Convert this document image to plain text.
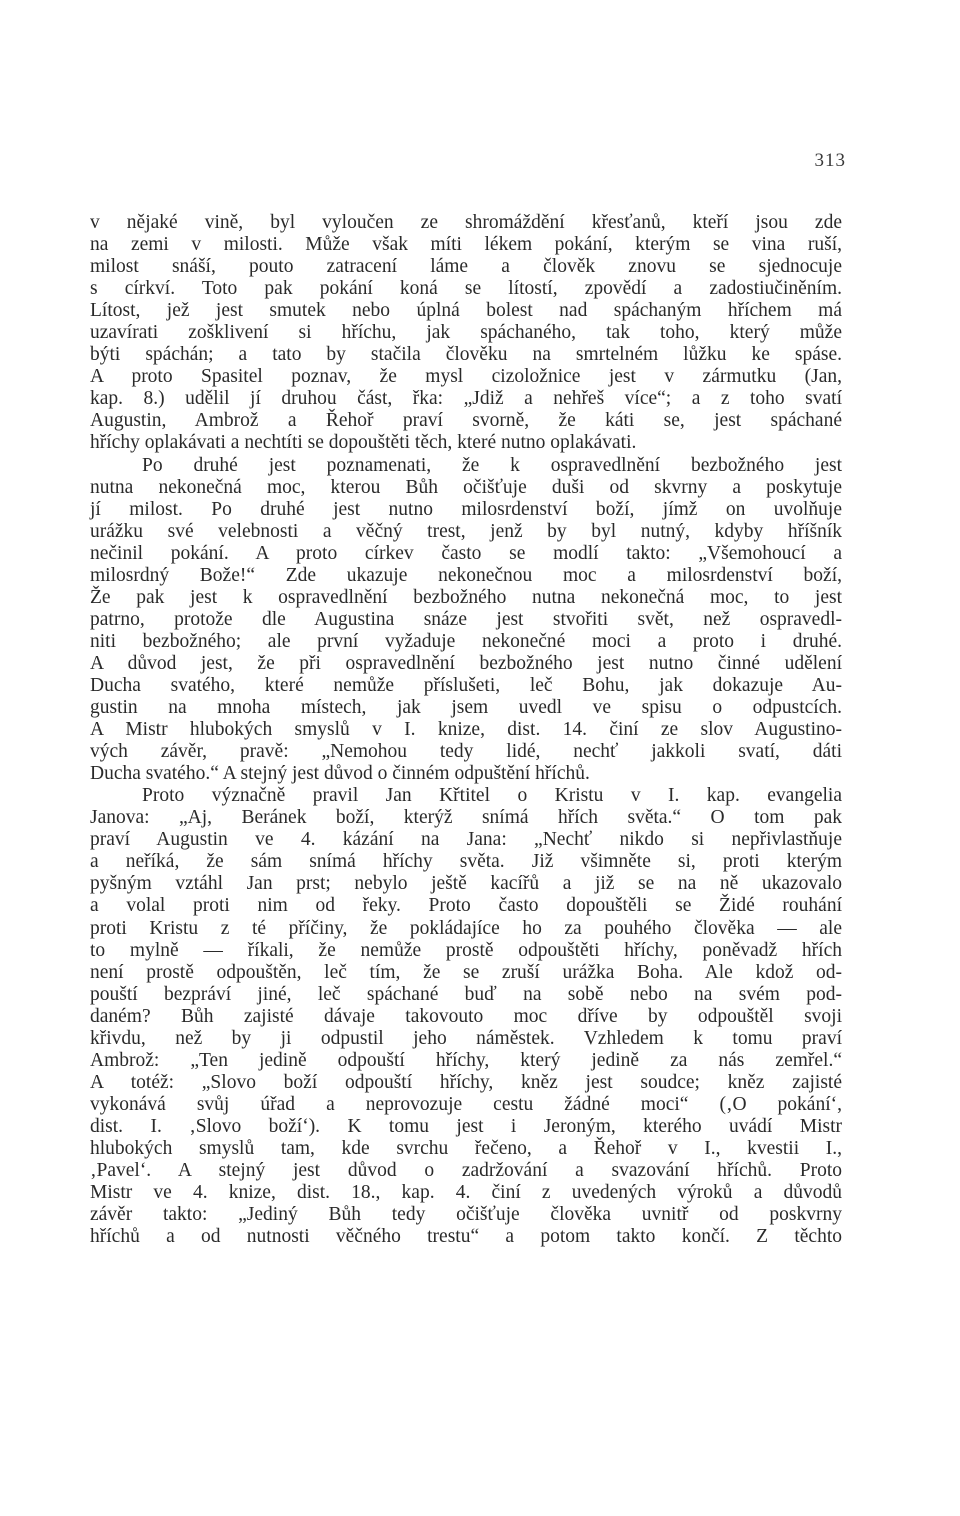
313
v nějaké vině, byl vyloučen ze shromáždění křesťanů, kteří jsou zde
na zemi v milosti. Může však míti lékem pokání, kterým se vina ruší,
milost snáší, pouto zatracení láme a člověk znovu se sjednocuje
s církví. Toto pak pokání koná se lítostí, zpovědí a zadostiučiněním.
Lítost, jež jest smutek nebo úplná bolest nad spáchaným hříchem má
uzavírati zošklivení si hříchu, jak spáchaného, tak toho, který může
býti spáchán; a tato by stačila člověku na smrtelném lůžku ke spáse.
A proto Spasitel poznav, že mysl cizoložnice jest v zármutku (Jan,
kap. 8.) udělil jí druhou část, řka: „Jdiž a nehřeš více“; a z toho svatí
Augustin, Ambrož a Řehoř praví svorně, že káti se, jest spáchané
hříchy oplakávati a nechtíti se dopouštěti těch, které nutno oplakávati.
Po druhé jest poznamenati, že k ospravedlnění bezbožného jest
nutna nekonečná moc, kterou Bůh očišťuje duši od skvrny a poskytuje
jí milost. Po druhé jest nutno milosrdenství boží, jímž on uvolňuje
urážku své velebnosti a věčný trest, jenž by byl nutný, kdyby hříšník
nečinil pokání. A proto církev často se modlí takto: „Všemohoucí a
milosrdný Bože!“ Zde ukazuje nekonečnou moc a milosrdenství boží,
Že pak jest k ospravedlnění bezbožného nutna nekonečná moc, to jest
patrno, protože dle Augustina snáze jest stvořiti svět, než ospravedl-
niti bezbožného; ale první vyžaduje nekonečné moci a proto i druhé.
A důvod jest, že při ospravedlnění bezbožného jest nutno činné udělení
Ducha svatého, které nemůže příslušeti, leč Bohu, jak dokazuje Au-
gustin na mnoha místech, jak jsem uvedl ve spisu o odpustcích.
A Mistr hlubokých smyslů v I. knize, dist. 14. činí ze slov Augustino-
vých závěr, pravě: „Nemohou tedy lidé, nechť jakkoli svatí, dáti
Ducha svatého.“ A stejný jest důvod o činném odpuštění hříchů.
Proto význačně pravil Jan Křtitel o Kristu v I. kap. evangelia
Janova: „Aj, Beránek boží, kterýž snímá hřích světa.“ O tom pak
praví Augustin ve 4. kázání na Jana: „Nechť nikdo si nepřivlastňuje
a neříká, že sám snímá hříchy světa. Již všimněte si, proti kterým
pyšným vztáhl Jan prst; nebylo ještě kacířů a již se na ně ukazovalo
a volal proti nim od řeky. Proto často dopouštěli se Židé rouhání
proti Kristu z té příčiny, že pokládajíce ho za pouhého člověka — ale
to mylně — říkali, že nemůže prostě odpouštěti hříchy, poněvadž hřích
není prostě odpouštěn, leč tím, že se zruší urážka Boha. Ale kdož od-
pouští bezpráví jiné, leč spáchané buď na sobě nebo na svém pod-
daném? Bůh zajisté dávaje takovouto moc dříve by odpouštěl svoji
křivdu, než by ji odpustil jeho náměstek. Vzhledem k tomu praví
Ambrož: „Ten jedině odpouští hříchy, který jedině za nás zemřel.“
A totéž: „Slovo boží odpouští hříchy, kněz jest soudce; kněz zajisté
vykonává svůj úřad a neprovozuje cestu žádné moci“ (‚O pokání‘,
dist. I. ‚Slovo boží‘). K tomu jest i Jeroným, kterého uvádí Mistr
hlubokých smyslů tam, kde svrchu řečeno, a Řehoř v I., kvestii I.,
‚Pavel‘. A stejný jest důvod o zadržování a svazování hříchů. Proto
Mistr ve 4. knize, dist. 18., kap. 4. činí z uvedených výroků a důvodů
závěr takto: „Jediný Bůh tedy očišťuje člověka uvnitř od poskvrny
hříchů a od nutnosti věčného trestu“ a potom takto končí. Z těchto
